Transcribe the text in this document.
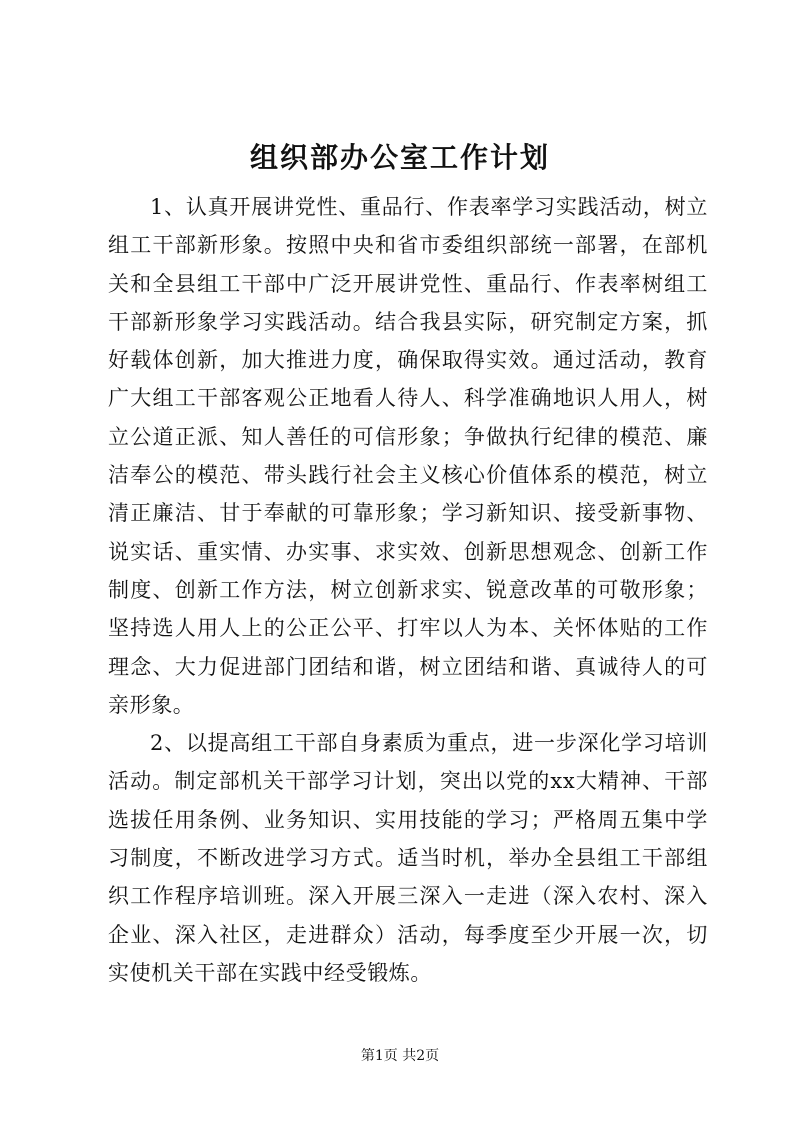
组织部办公室工作计划

1、认真开展讲党性、重品行、作表率学习实践活动，树立组工干部新形象。按照中央和省市委组织部统一部署，在部机关和全县组工干部中广泛开展讲党性、重品行、作表率树组工干部新形象学习实践活动。结合我县实际，研究制定方案，抓好载体创新，加大推进力度，确保取得实效。通过活动，教育广大组工干部客观公正地看人待人、科学准确地识人用人，树立公道正派、知人善任的可信形象；争做执行纪律的模范、廉洁奉公的模范、带头践行社会主义核心价值体系的模范，树立清正廉洁、甘于奉献的可靠形象；学习新知识、接受新事物、说实话、重实情、办实事、求实效、创新思想观念、创新工作制度、创新工作方法，树立创新求实、锐意改革的可敬形象；坚持选人用人上的公正公平、打牢以人为本、关怀体贴的工作理念、大力促进部门团结和谐，树立团结和谐、真诚待人的可亲形象。

2、以提高组工干部自身素质为重点，进一步深化学习培训活动。制定部机关干部学习计划，突出以党的xx大精神、干部选拔任用条例、业务知识、实用技能的学习；严格周五集中学习制度，不断改进学习方式。适当时机，举办全县组工干部组织工作程序培训班。深入开展三深入一走进（深入农村、深入企业、深入社区，走进群众）活动，每季度至少开展一次，切实使机关干部在实践中经受锻炼。

第1页 共2页
